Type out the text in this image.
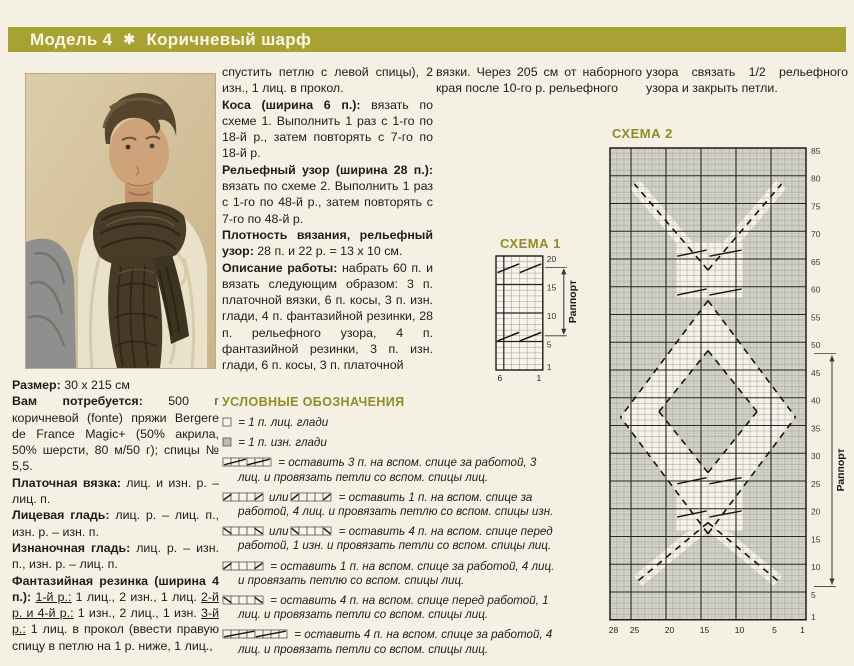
Модель 4 ✱ Коричневый шарф

Размер: 30 х 215 см

Вам потребуется: 500 г коричневой (fonte) пряжи Bergere de France Magic+ (50% акрила, 50% шерсти, 80 м/50 г); спицы № 5,5.

Платочная вязка: лиц. и изн. р. – лиц. п.

Лицевая гладь: лиц. р. – лиц. п., изн. р. – изн. п.

Изнаночная гладь: лиц. р. – изн. п., изн. р. – лиц. п.

Фантазийная резинка (ширина 4 п.): 1-й р.: 1 лиц., 2 изн., 1 лиц. 2-й р. и 4-й р.: 1 изн., 2 лиц., 1 изн. 3-й р.: 1 лиц. в прокол (ввести правую спицу в петлю на 1 р. ниже, 1 лиц.,

спустить петлю с левой спицы), 2 изн., 1 лиц. в прокол.

Коса (ширина 6 п.): вязать по схеме 1. Выполнить 1 раз с 1-го по 18-й р., затем повторять с 7-го по 18-й р.

Рельефный узор (ширина 28 п.): вязать по схеме 2. Выполнить 1 раз с 1-го по 48-й р., затем повторять с 7-го по 48-й р.

Плотность вязания, рельефный узор: 28 п. и 22 р. = 13 х 10 см.

Описание работы: набрать 60 п. и вязать следующим образом: 3 п. платочной вязки, 6 п. косы, 3 п. изн. глади, 4 п. фантазийной резинки, 28 п. рельефного узора, 4 п. фантазийной резинки, 3 п. изн. глади, 6 п. косы, 3 п. платочной

вязки. Через 205 см от наборного края после 10-го р. рельефного

узора связать 1/2 рельефного узора и закрыть петли.

УСЛОВНЫЕ ОБОЗНАЧЕНИЯ
= 1 п. лиц. глади
= 1 п. изн. глади
= оставить 3 п. на вспом. спице за работой, 3 лиц. и провязать петли со вспом. спицы лиц.
или	= оставить 1 п. на вспом. спице за работой, 4 лиц. и провязать петлю со вспом. спицы изн.
или	= оставить 4 п. на вспом. спице перед работой, 1 изн. и провязать петли со вспом. спицы лиц.
= оставить 1 п. на вспом. спице за работой, 4 лиц. и провязать петлю со вспом. спицы лиц.
= оставить 4 п. на вспом. спице перед работой, 1 лиц. и провязать петли со вспом. спицы лиц.
= оставить 4 п. на вспом. спице за работой, 4 лиц. и провязать петли со вспом. спицы лиц.
СХЕМА 1
20
15
10
5
1
6	1
Раппорт
СХЕМА 2
1
5
10
15
20
25
30
35
40
45
50
55
60
65
70
75
80
85
28 25	20	15	10	5	1
Раппорт
